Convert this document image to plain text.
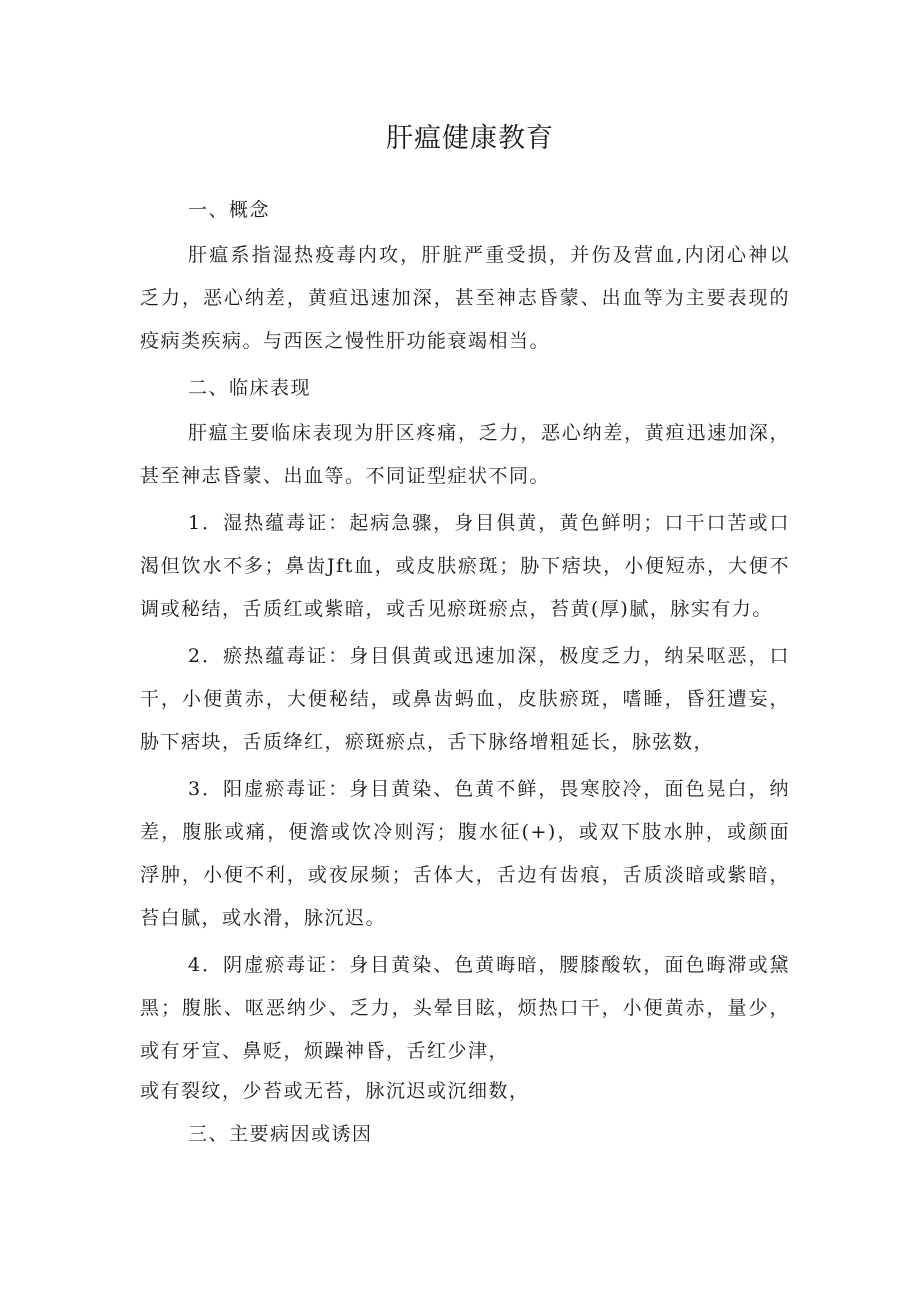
肝瘟健康教育

一、概念

肝瘟系指湿热疫毒内攻，肝脏严重受损，并伤及营血,内闭心神以乏力，恶心纳差，黄疸迅速加深，甚至神志昏蒙、出血等为主要表现的疫病类疾病。与西医之慢性肝功能衰竭相当。

二、临床表现

肝瘟主要临床表现为肝区疼痛，乏力，恶心纳差，黄疸迅速加深，甚至神志昏蒙、出血等。不同证型症状不同。

1．湿热蕴毒证：起病急骤，身目俱黄，黄色鲜明；口干口苦或口渴但饮水不多；鼻齿Jft血，或皮肤瘀斑；胁下痞块，小便短赤，大便不调或秘结，舌质红或紫暗，或舌见瘀斑瘀点，苔黄(厚)腻，脉实有力。

2．瘀热蕴毒证：身目俱黄或迅速加深，极度乏力，纳呆呕恶，口干，小便黄赤，大便秘结，或鼻齿蚂血，皮肤瘀斑，嗜睡，昏狂遭妄，胁下痞块，舌质绛红，瘀斑瘀点，舌下脉络增粗延长，脉弦数，

3．阳虚瘀毒证：身目黄染、色黄不鲜，畏寒胶冷，面色晃白，纳差，腹胀或痛，便澹或饮冷则泻；腹水征(+)，或双下肢水肿，或颜面浮肿，小便不利，或夜尿频；舌体大，舌边有齿痕，舌质淡暗或紫暗，苔白腻，或水滑，脉沉迟。

4．阴虚瘀毒证：身目黄染、色黄晦暗，腰膝酸软，面色晦滞或黛黑；腹胀、呕恶纳少、乏力，头晕目眩，烦热口干，小便黄赤，量少，或有牙宣、鼻贬，烦躁神昏，舌红少津，

或有裂纹，少苔或无苔，脉沉迟或沉细数，

三、主要病因或诱因
